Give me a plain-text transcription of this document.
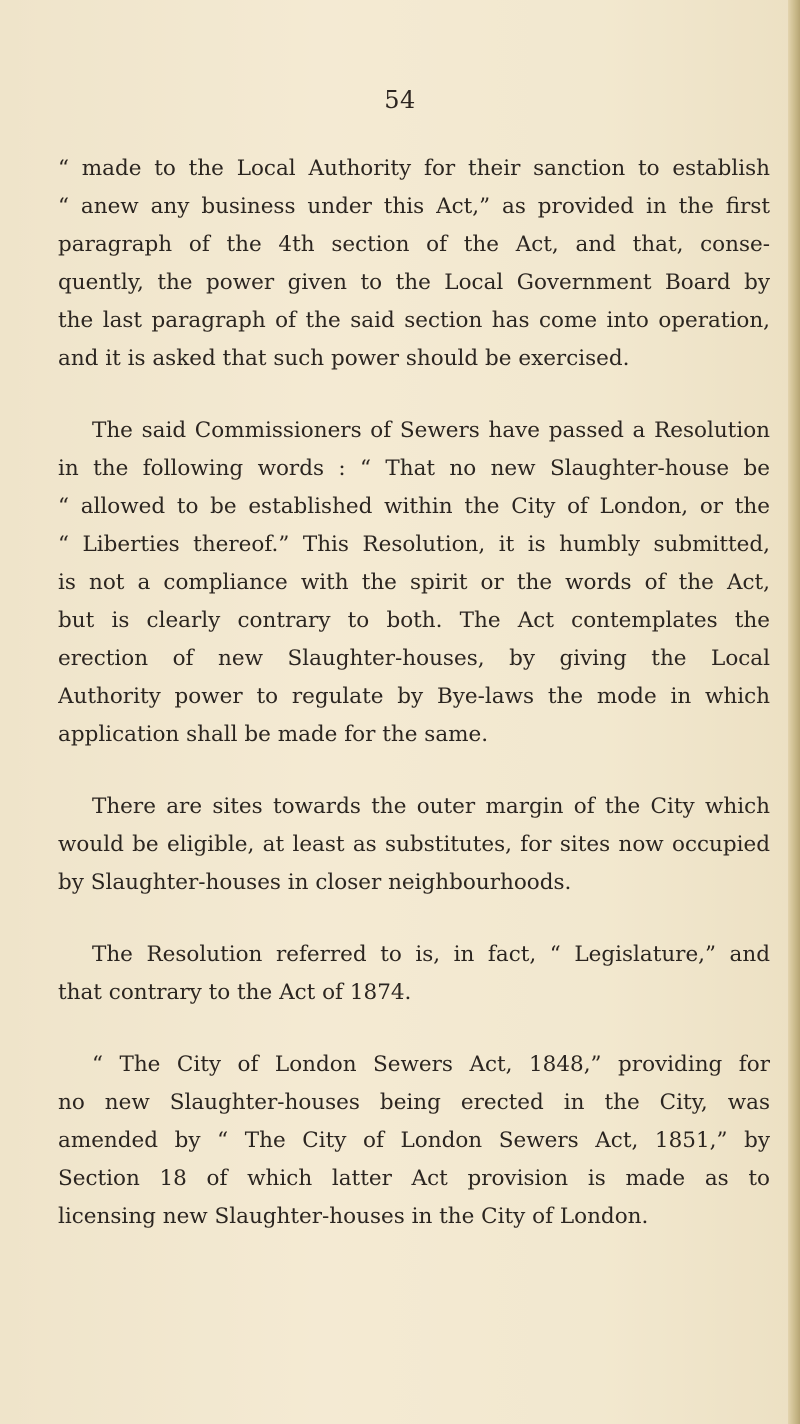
54
“ made to the Local Authority for their sanction to establish
“ anew any business under this Act,” as provided in the first
paragraph of the 4th section of the Act, and that, conse-
quently, the power given to the Local Government Board by
the last paragraph of the said section has come into operation,
and it is asked that such power should be exercised.
The said Commissioners of Sewers have passed a Resolution
in the following words : “ That no new Slaughter-house be
“ allowed to be established within the City of London, or the
“ Liberties thereof.” This Resolution, it is humbly submitted,
is not a compliance with the spirit or the words of the Act,
but is clearly contrary to both. The Act contemplates the
erection of new Slaughter-houses, by giving the Local
Authority power to regulate by Bye-laws the mode in which
application shall be made for the same.
There are sites towards the outer margin of the City which
would be eligible, at least as substitutes, for sites now occupied
by Slaughter-houses in closer neighbourhoods.
The Resolution referred to is, in fact, “ Legislature,” and
that contrary to the Act of 1874.
“ The City of London Sewers Act, 1848,” providing for
no new Slaughter-houses being erected in the City, was
amended by “ The City of London Sewers Act, 1851,” by
Section 18 of which latter Act provision is made as to
licensing new Slaughter-houses in the City of London.
